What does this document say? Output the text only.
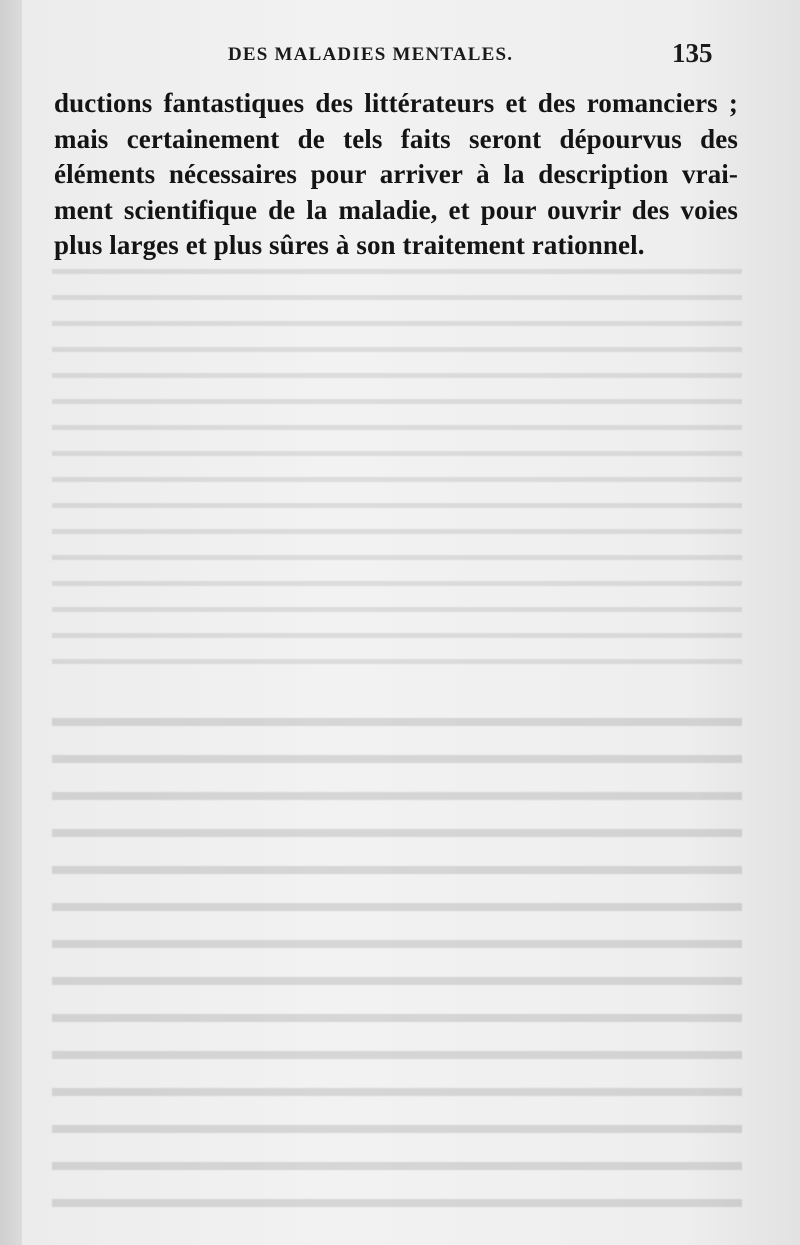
DES MALADIES MENTALES.	135
ductions fantastiques des littérateurs et des romanciers ;
mais certainement de tels faits seront dépourvus des
éléments nécessaires pour arriver à la description vrai-
ment scientifique de la maladie, et pour ouvrir des voies
plus larges et plus sûres à son traitement rationnel.
